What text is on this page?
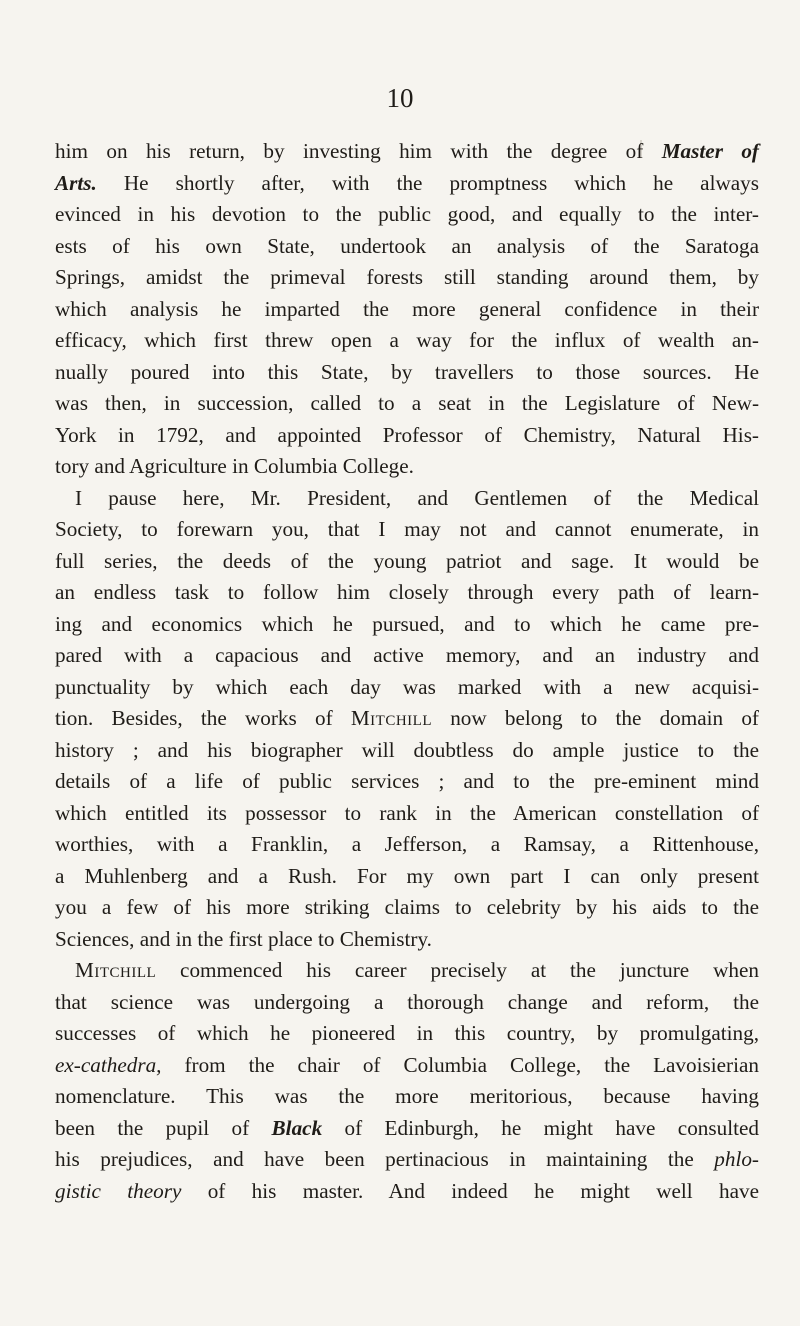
10
him on his return, by investing him with the degree of Master of
Arts. He shortly after, with the promptness which he always
evinced in his devotion to the public good, and equally to the inter-
ests of his own State, undertook an analysis of the Saratoga
Springs, amidst the primeval forests still standing around them, by
which analysis he imparted the more general confidence in their
efficacy, which first threw open a way for the influx of wealth an-
nually poured into this State, by travellers to those sources. He
was then, in succession, called to a seat in the Legislature of New-
York in 1792, and appointed Professor of Chemistry, Natural His-
tory and Agriculture in Columbia College.
I pause here, Mr. President, and Gentlemen of the Medical
Society, to forewarn you, that I may not and cannot enumerate, in
full series, the deeds of the young patriot and sage. It would be
an endless task to follow him closely through every path of learn-
ing and economics which he pursued, and to which he came pre-
pared with a capacious and active memory, and an industry and
punctuality by which each day was marked with a new acquisi-
tion. Besides, the works of Mitchill now belong to the domain of
history ; and his biographer will doubtless do ample justice to the
details of a life of public services ; and to the pre-eminent mind
which entitled its possessor to rank in the American constellation of
worthies, with a Franklin, a Jefferson, a Ramsay, a Rittenhouse,
a Muhlenberg and a Rush. For my own part I can only present
you a few of his more striking claims to celebrity by his aids to the
Sciences, and in the first place to Chemistry.
Mitchill commenced his career precisely at the juncture when
that science was undergoing a thorough change and reform, the
successes of which he pioneered in this country, by promulgating,
ex-cathedra, from the chair of Columbia College, the Lavoisierian
nomenclature. This was the more meritorious, because having
been the pupil of Black of Edinburgh, he might have consulted
his prejudices, and have been pertinacious in maintaining the phlo-
gistic theory of his master. And indeed he might well have
